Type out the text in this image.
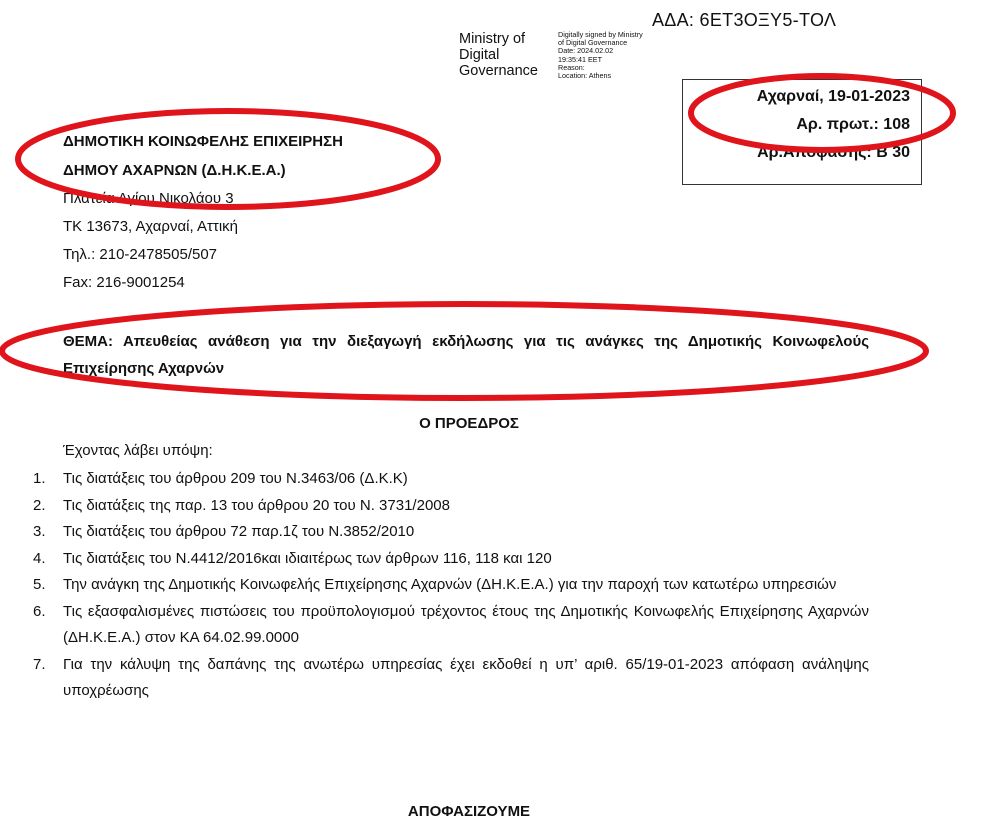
ΑΔΑ: 6ΕΤ3ΟΞΥ5-ΤΟΛ
Ministry of
Digital
Governance
Digitally signed by Ministry
of Digital Governance
Date: 2024.02.02
19:35:41 EET
Reason:
Location: Athens
Αχαρναί, 19-01-2023
Αρ. πρωτ.: 108
Αρ.Αποφασης: Β 30
ΔΗΜΟΤΙΚΗ ΚΟΙΝΩΦΕΛΗΣ ΕΠΙΧΕΙΡΗΣΗ
ΔΗΜΟΥ ΑΧΑΡΝΩΝ (Δ.Η.Κ.Ε.Α.)
Πλατεία Αγίου Νικολάου 3
ΤΚ 13673, Αχαρναί, Αττική
Τηλ.: 210-2478505/507
Fax: 216-9001254
ΘΕΜΑ: Απευθείας ανάθεση για την διεξαγωγή εκδήλωσης για τις ανάγκες της Δημοτικής Κοινωφελούς Επιχείρησης Αχαρνών
Ο ΠΡΟΕΔΡΟΣ
Έχοντας λάβει υπόψη:
1.	Τις διατάξεις του άρθρου 209 του Ν.3463/06 (Δ.Κ.Κ)
2.	Τις διατάξεις της παρ. 13 του άρθρου 20 του Ν. 3731/2008
3.	Τις διατάξεις του άρθρου 72 παρ.1ζ του Ν.3852/2010
4.	Τις διατάξεις του Ν.4412/2016και ιδιαιτέρως των άρθρων 116, 118 και 120
5.	Την ανάγκη της Δημοτικής Κοινωφελής Επιχείρησης Αχαρνών (ΔΗ.Κ.Ε.Α.) για την παροχή των κατωτέρω υπηρεσιών
6.	Τις εξασφαλισμένες πιστώσεις του προϋπολογισμού τρέχοντος έτους της Δημοτικής Κοινωφελής Επιχείρησης Αχαρνών (ΔΗ.Κ.Ε.Α.) στον ΚΑ 64.02.99.0000
7.	Για την κάλυψη της δαπάνης της ανωτέρω υπηρεσίας έχει εκδοθεί η υπ’ αριθ. 65/19-01-2023 απόφαση ανάληψης υποχρέωσης
ΑΠΟΦΑΣΙΖΟΥΜΕ
